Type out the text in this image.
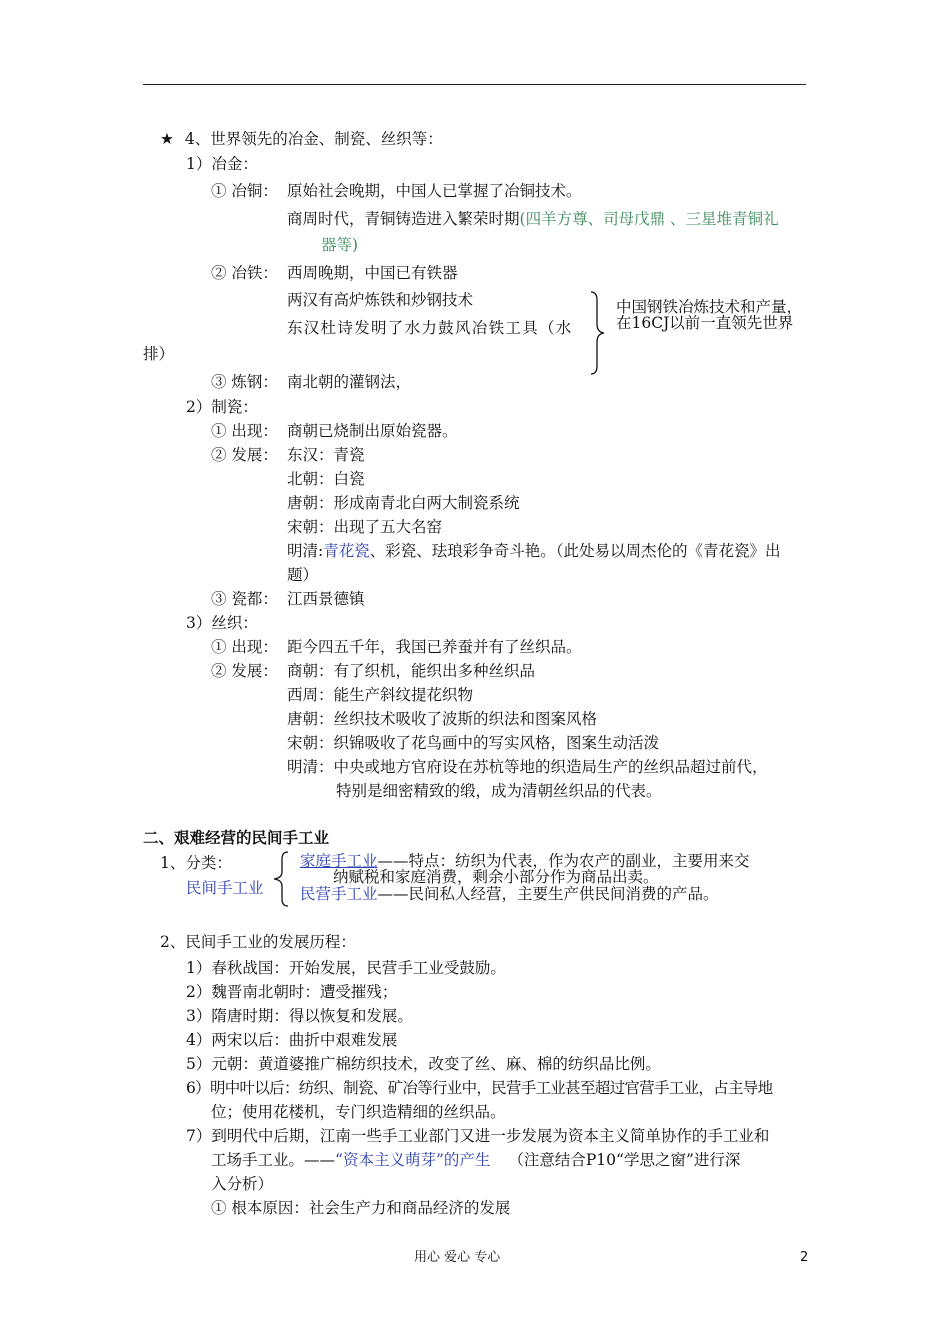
★ 4、世界领先的冶金、制瓷、丝织等：
1）冶金：
① 冶铜： 原始社会晚期，中国人已掌握了冶铜技术。
商周时代，青铜铸造进入繁荣时期(四羊方尊、司母戊鼎 、三星堆青铜礼
器等)
② 冶铁： 西周晚期，中国已有铁器
两汉有高炉炼铁和炒钢技术
东汉杜诗发明了水力鼓风冶铁工具（水
排）
中国钢铁冶炼技术和产量，
在16CJ以前一直领先世界
③ 炼钢： 南北朝的灌钢法，
2）制瓷：
① 出现： 商朝已烧制出原始瓷器。
② 发展： 东汉：青瓷
北朝：白瓷
唐朝：形成南青北白两大制瓷系统
宋朝：出现了五大名窑
明清:青花瓷、彩瓷、珐琅彩争奇斗艳。（此处易以周杰伦的《青花瓷》出
题）
③ 瓷都： 江西景德镇
3）丝织：
① 出现： 距今四五千年，我国已养蚕并有了丝织品。
② 发展： 商朝：有了织机，能织出多种丝织品
西周：能生产斜纹提花织物
唐朝：丝织技术吸收了波斯的织法和图案风格
宋朝：织锦吸收了花鸟画中的写实风格，图案生动活泼
明清：中央或地方官府设在苏杭等地的织造局生产的丝织品超过前代，
特别是细密精致的缎，成为清朝丝织品的代表。
二、艰难经营的民间手工业
1、分类：
民间手工业
家庭手工业——特点：纺织为代表，作为农产的副业，主要用来交
纳赋税和家庭消费，剩余小部分作为商品出卖。
民营手工业——民间私人经营，主要生产供民间消费的产品。
2、民间手工业的发展历程：
1）春秋战国：开始发展，民营手工业受鼓励。
2）魏晋南北朝时：遭受摧残；
3）隋唐时期：得以恢复和发展。
4）两宋以后：曲折中艰难发展
5）元朝：黄道婆推广棉纺织技术，改变了丝、麻、棉的纺织品比例。
6）明中叶以后：纺织、制瓷、矿冶等行业中，民营手工业甚至超过官营手工业，占主导地
位；使用花楼机，专门织造精细的丝织品。
7）到明代中后期，江南一些手工业部门又进一步发展为资本主义简单协作的手工业和
工场手工业。——“资本主义萌芽”的产生 （注意结合P10“学思之窗”进行深
入分析）
① 根本原因：社会生产力和商品经济的发展
用心 爱心 专心	2
